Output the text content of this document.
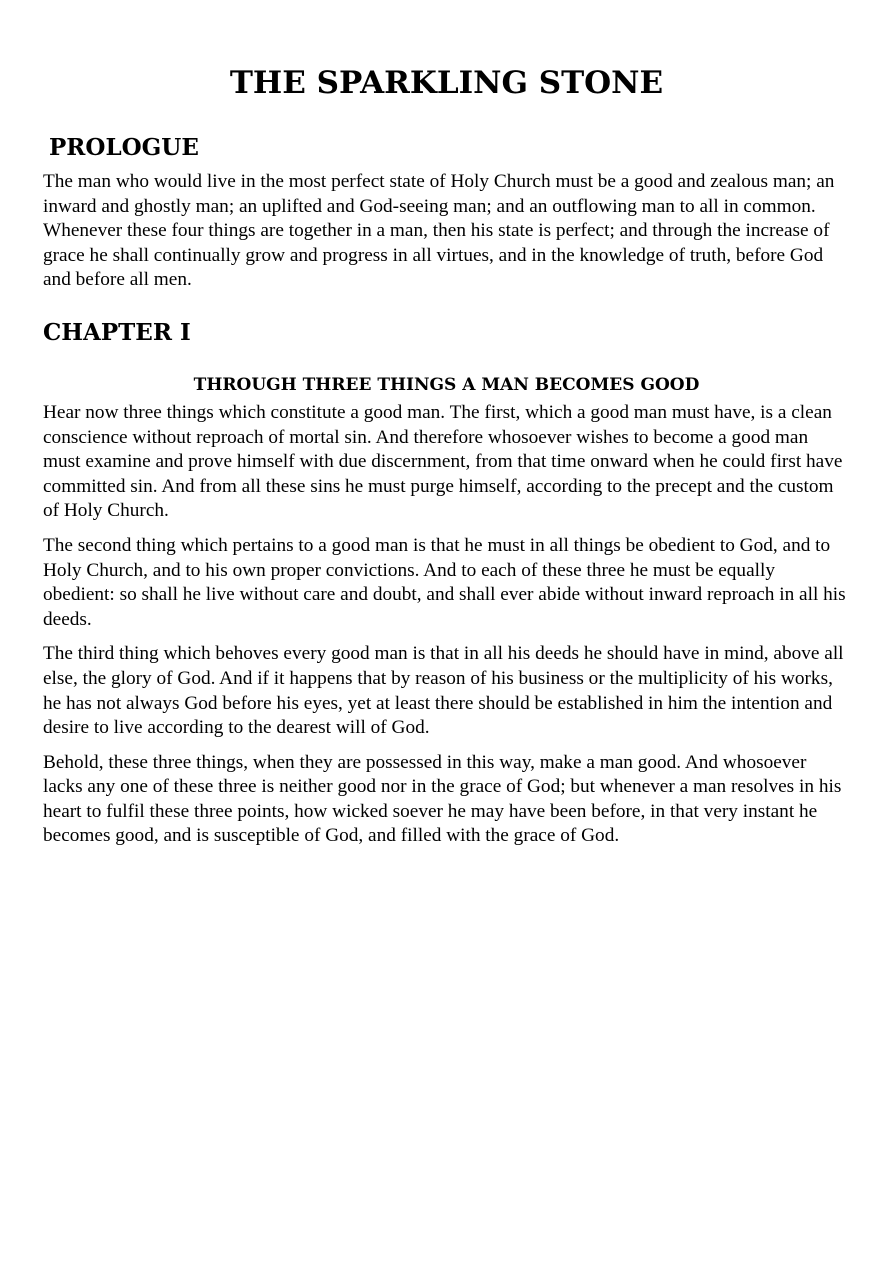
THE SPARKLING STONE
PROLOGUE

The man who would live in the most perfect state of Holy Church must be a good and zealous man; an inward and ghostly man; an uplifted and God-seeing man; and an outflowing man to all in common. Whenever these four things are together in a man, then his state is perfect; and through the increase of grace he shall continually grow and progress in all virtues, and in the knowledge of truth, before God and before all men.

CHAPTER I
THROUGH THREE THINGS A MAN BECOMES GOOD

Hear now three things which constitute a good man. The first, which a good man must have, is a clean conscience without reproach of mortal sin. And therefore whosoever wishes to become a good man must examine and prove himself with due discernment, from that time onward when he could first have committed sin. And from all these sins he must purge himself, according to the precept and the custom of Holy Church.

The second thing which pertains to a good man is that he must in all things be obedient to God, and to Holy Church, and to his own proper convictions. And to each of these three he must be equally obedient: so shall he live without care and doubt, and shall ever abide without inward reproach in all his deeds.

The third thing which behoves every good man is that in all his deeds he should have in mind, above all else, the glory of God. And if it happens that by reason of his business or the multiplicity of his works, he has not always God before his eyes, yet at least there should be established in him the intention and desire to live according to the dearest will of God.

Behold, these three things, when they are possessed in this way, make a man good. And whosoever lacks any one of these three is neither good nor in the grace of God; but whenever a man resolves in his heart to fulfil these three points, how wicked soever he may have been before, in that very instant he becomes good, and is susceptible of God, and filled with the grace of God.
